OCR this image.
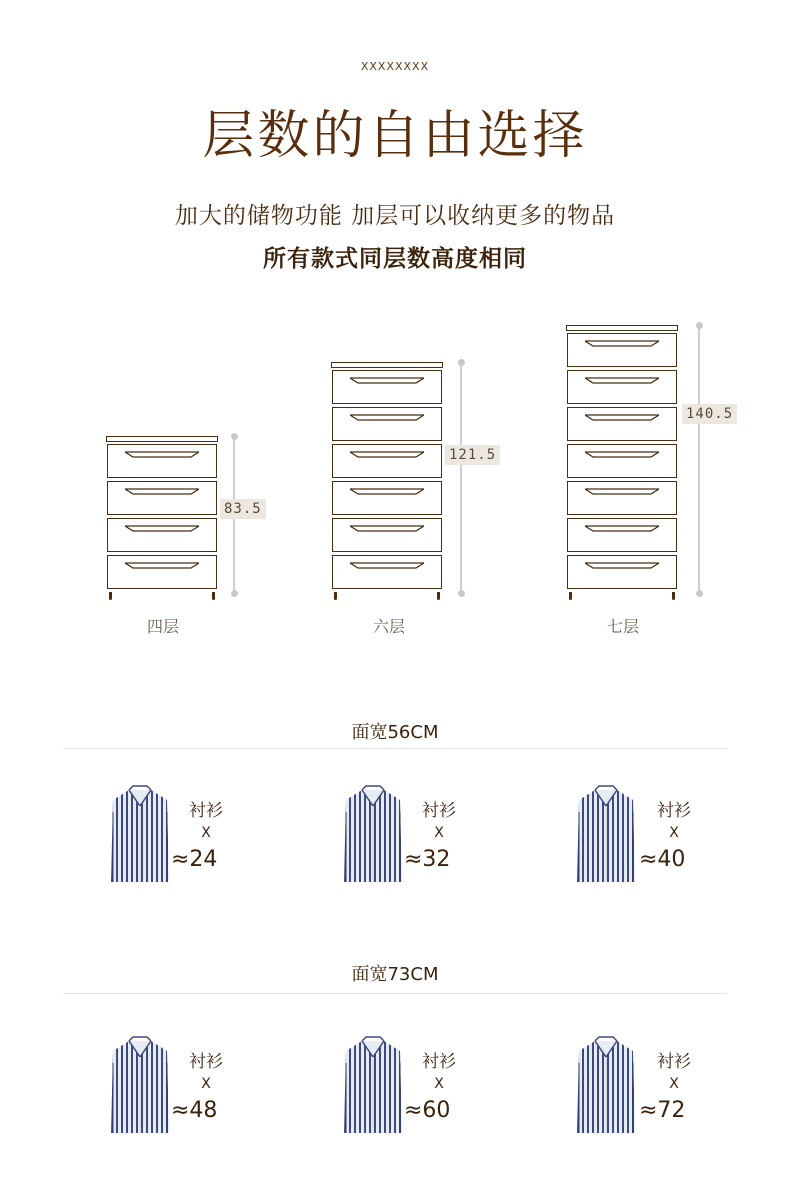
XXXXXXXX
层数的自由选择
加大的储物功能 加层可以收纳更多的物品
所有款式同层数高度相同
83.5
四层
121.5
六层
140.5
七层
面宽56CM
衬衫
X
≈24
衬衫
X
≈32
衬衫
X
≈40
面宽73CM
衬衫
X
≈48
衬衫
X
≈60
衬衫
X
≈72
